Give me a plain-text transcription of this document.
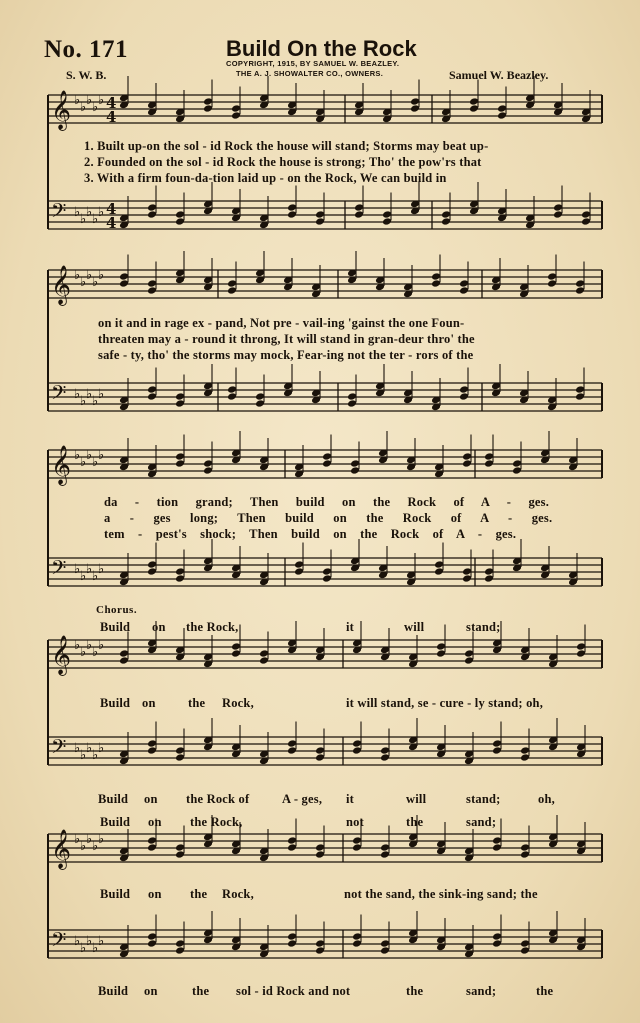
No. 171	Build On the Rock
COPYRIGHT, 1915, BY SAMUEL W. BEAZLEY.
THE A. J. SHOWALTER CO., OWNERS.
S. W. B.	Samuel W. Beazley.
𝄞 ♭ ♭ ♭ ♭ ♭
𝄢 ♭ ♭ ♭ ♭ ♭
4
4
4
4
𝄞 ♭ ♭ ♭ ♭ ♭
𝄢 ♭ ♭ ♭ ♭ ♭
𝄞 ♭ ♭ ♭ ♭ ♭
𝄢 ♭ ♭ ♭ ♭ ♭
𝄞 ♭ ♭ ♭ ♭ ♭
𝄢 ♭ ♭ ♭ ♭ ♭
𝄞 ♭ ♭ ♭ ♭ ♭
𝄢 ♭ ♭ ♭ ♭ ♭
1. Built up-on the sol - id Rock the house will stand; Storms may beat up-
2. Founded on the sol - id Rock the house is strong; Tho' the pow'rs that
3. With a firm foun-da-tion laid up - on the Rock, We can build in
on it and in rage ex - pand, Not pre - vail-ing 'gainst the one Foun-
threaten may a - round it throng, It will stand in gran-deur thro' the
safe - ty, tho' the storms may mock, Fear-ing not the ter - rors of the
da - tion grand; Then build on the Rock of A - ges.
a - ges long; Then build on the Rock of A - ges.
tem - pest's shock; Then build on the Rock of A - ges.
Chorus.
Build on the Rock,	it	will	stand;
Build on	the Rock,	it will stand, se - cure - ly stand; oh,
Build on the Rock of	A - ges, it	will	stand;	oh,
Build on the Rock,	not	the	sand;
Build on the Rock,	not the sand, the sink-ing sand; the
Build on	the sol - id Rock and not	the	sand;	the
